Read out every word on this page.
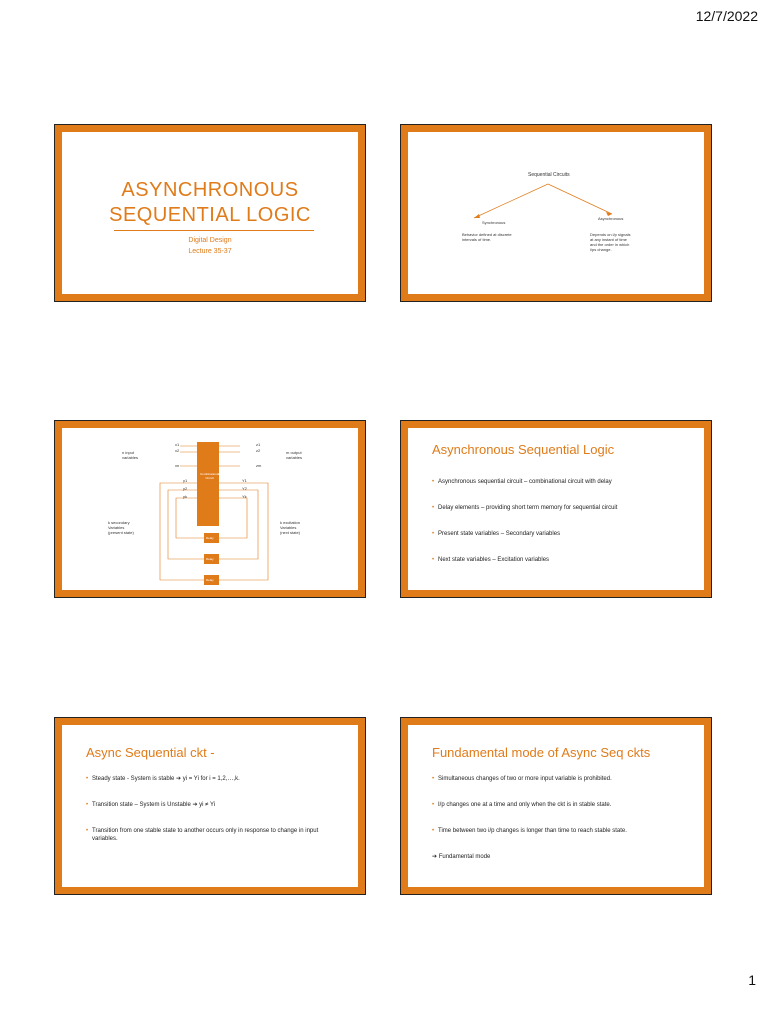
12/7/2022
ASYNCHRONOUS
SEQUENTIAL LOGIC
Digital Design
Lecture 35-37
Sequential Circuits
Synchronous
Asynchronous
Behavior defined at discrete
intervals of time.
Depends on i/p signals
at any instant of time
and the order in which
i/ps change.
Combinational
Circuit
x1
x2
xn
z1
z2
zm
y1
y2
yk
Y1
Y2
Yk
n input
variables
m output
variables
k secondary
Variables
(present state)
k excitation
Variables
(next state)
Delay
Delay
Delay
Asynchronous Sequential Logic
• Asynchronous sequential circuit – combinational circuit with delay
• Delay elements – providing short term memory for sequential circuit
• Present state variables – Secondary variables
• Next state variables – Excitation variables
Async Sequential ckt -
• Steady state - System is stable ➔ yi = Yi for i = 1,2,…,k.
• Transition state – System is Unstable ➔ yi ≠ Yi
• Transition from one stable state to another occurs only in response to change in input variables.
Fundamental mode of Async Seq ckts
• Simultaneous changes of two or more input variable is prohibited.
• I/p changes one at a time and only when the ckt is in stable state.
• Time between two i/p changes is longer than time to reach stable state.
➔ Fundamental mode
1
